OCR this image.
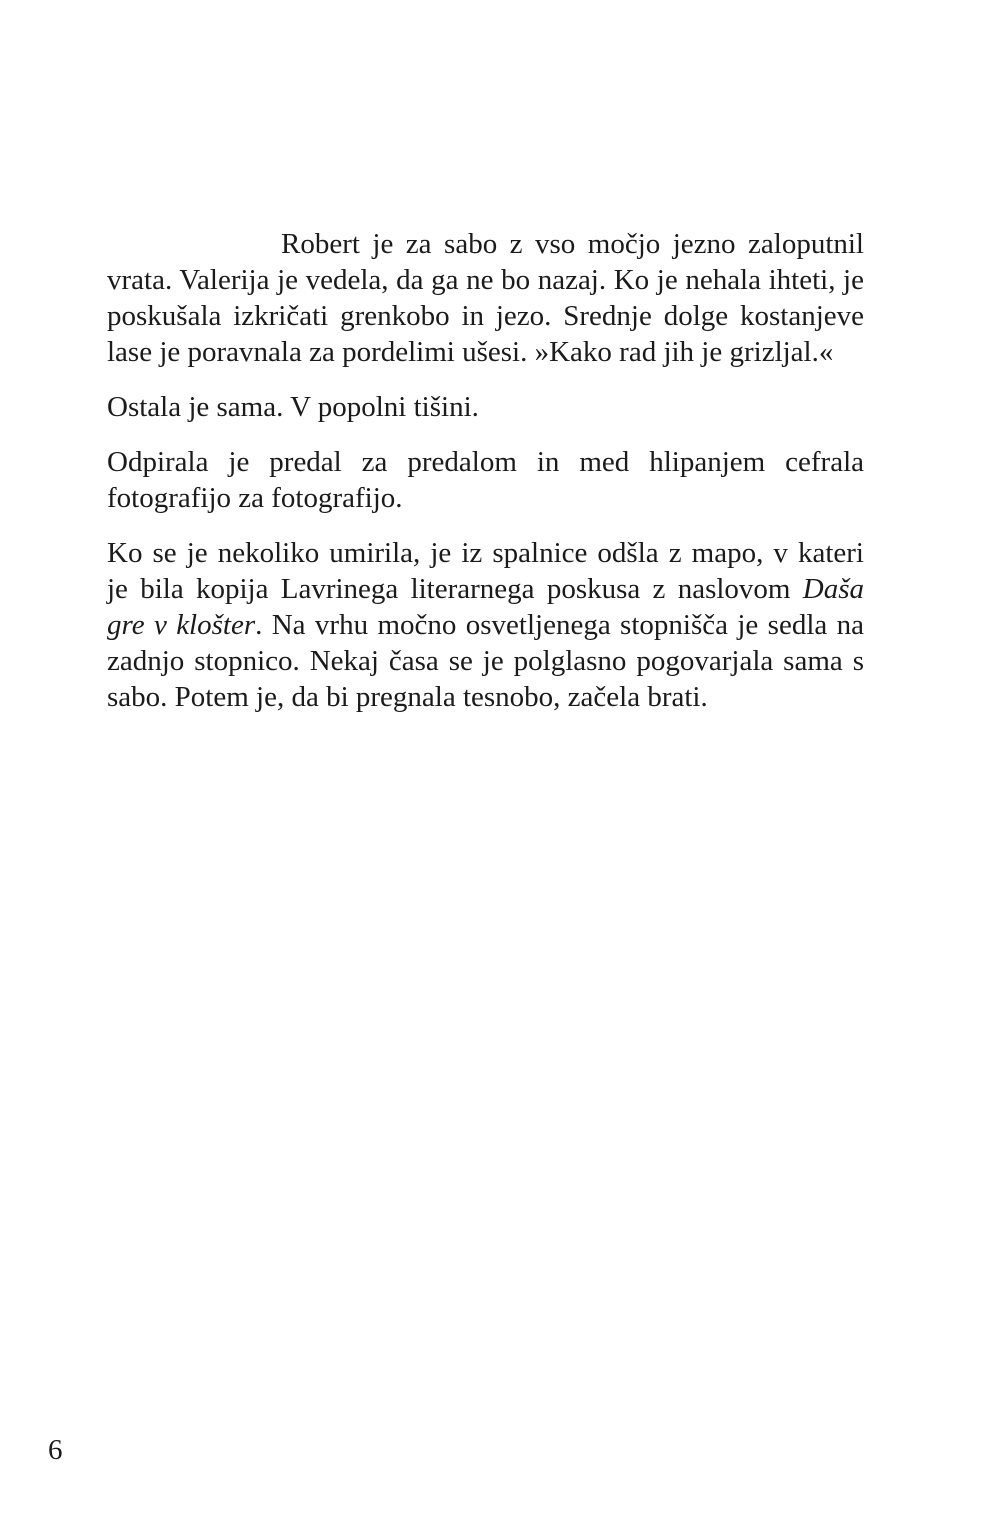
Robert je za sabo z vso močjo jezno zaloputnil
vrata. Valerija je vedela, da ga ne bo nazaj. Ko je nehala ihteti, je
poskušala izkričati grenkobo in jezo. Srednje dolge kostanjeve
lase je poravnala za pordelimi ušesi. »Kako rad jih je grizljal.«
Ostala je sama. V popolni tišini.
Odpirala je predal za predalom in med hlipanjem cefrala
fotografijo za fotografijo.
Ko se je nekoliko umirila, je iz spalnice odšla z mapo, v kateri
je bila kopija Lavrinega literarnega poskusa z naslovom Daša
gre v klošter. Na vrhu močno osvetljenega stopnišča je sedla na
zadnjo stopnico. Nekaj časa se je polglasno pogovarjala sama s
sabo. Potem je, da bi pregnala tesnobo, začela brati.
6
